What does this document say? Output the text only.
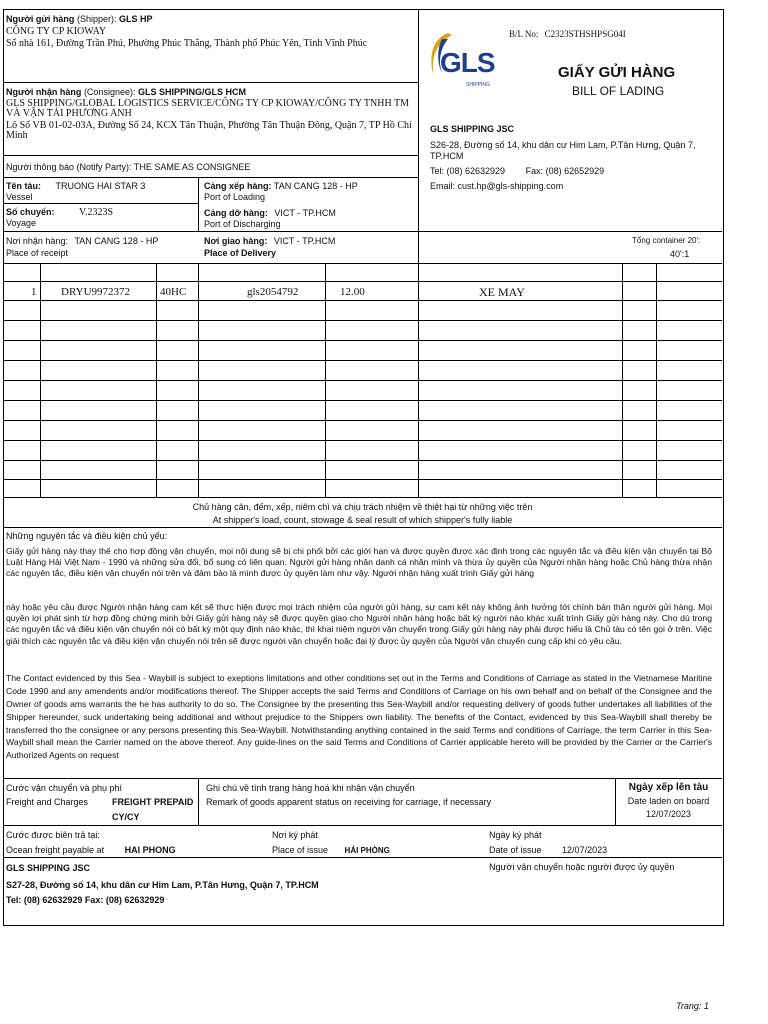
Người gửi hàng (Shipper): GLS HP
CÔNG TY CP KIOWAY
Số nhà 161, Đường Trần Phú, Phường Phúc Thắng, Thành phố Phúc Yên, Tỉnh Vĩnh Phúc
Người nhận hàng (Consignee): GLS SHIPPING/GLS HCM
GLS SHIPPING/GLOBAL LOGISTICS SERVICE/CÔNG TY CP KIOWAY/CÔNG TY TNHH TM VÀ VẬN TẢI PHƯƠNG ANH
Lô Số VB 01-02-03A, Đường Số 24, KCX Tân Thuận, Phường Tân Thuận Đông, Quận 7, TP Hồ Chí Minh
Người thông báo (Notify Party): THE SAME AS CONSIGNEE
Tên tàu: TRUONG HAI STAR 3
Vessel
Số chuyến: V.2323S
Voyage
Cảng xếp hàng: TAN CANG 128 - HP
Port of Loading
Cảng dỡ hàng: VICT - TP.HCM
Port of Discharging
Nơi nhận hàng: TAN CANG 128 - HP
Place of receipt
Nơi giao hàng: VICT - TP.HCM
Place of Delivery
Tổng container 20':
40':1
B/L No: C2323STHSHPSG04I
GLS
SHIPPING
GIẤY GỬI HÀNG
BILL OF LADING
GLS SHIPPING JSC
S26-28, Đường số 14, khu dân cư Him Lam, P.Tân Hưng, Quận 7, TP.HCM
Tel: (08) 62632929 Fax: (08) 62652929
Email: cust.hp@gls-shipping.com
1 DRYU9972372	40HC	gls2054792	12.00	XE MAY
Chủ hàng cân, đếm, xếp, niêm chì và chịu trách nhiệm về thiệt hại từ những việc trên
At shipper's load, count, stowage & seal result of which shipper's fully liable
Những nguyên tắc và điều kiện chủ yếu:
Giấy gửi hàng này thay thế cho hợp đồng vận chuyển, mọi nội dung sẽ bị chi phối bởi các giới hạn và được quyền được xác định trong các nguyên tắc và điều kiện vận chuyển tại Bộ Luật Hàng Hải Việt Nam - 1990 và những sửa đổi, bổ sung có liên quan. Người gửi hàng nhân danh cá nhân mình và thừa ủy quyền của Người nhận hàng hoặc Chủ hàng thừa nhận các nguyên tắc, điều kiện vận chuyển nói trên và đảm bảo là mình được ủy quyền làm như vậy. Người nhận hàng xuất trình Giấy gửi hàng
này hoặc yêu cầu được Người nhận hàng cam kết sẽ thực hiện được mọi trách nhiệm của người gửi hàng, sự cam kết này không ảnh hưởng tới chính bản thân người gửi hàng. Mọi quyền lợi phát sinh từ hợp đồng chứng minh bởi Giấy gửi hàng này sẽ được quyền giao cho Người nhận hàng hoặc bất kỳ người nào khác xuất trình Giấy gửi hàng này. Cho dù trong các nguyên tắc và điều kiện vận chuyển nói có bất kỳ một quy định nào khác, thì khai niệm người vận chuyển trong Giấy gửi hàng này phải được hiểu là Chủ tàu có tên gọi ở trên. Việc giải thích các nguyên tắc và điều kiện vận chuyển nói trên sẽ được người vận chuyển hoặc đại lý được ủy quyền của Người vận chuyển cung cấp khi có yêu cầu.
The Contact evidenced by this Sea - Waybill is subject to exeptions limitations and other conditions set out in the Terms and Conditions of Carriage as stated in the Vietnamese Maritine Code 1990 and any amendents and/or modifications thereof. The Shipper accepts the said Terms and Conditions of Carriage on his own behalf and on behalf of the Consignee and the Owner of goods ams warrants the he has authority to do so. The Consignee by the presenting this Sea-Waybill and/or requesting delivery of goods futher undertakes all liabilities of the Shipper hereunder, suck undertaking being additional and without prejudice to the Shippers own liability. The benefits of the Contact, evidenced by this Sea-Waybill shall thereby be transferred tho the consignee or any persons presenting this Sea-Waybill. Notwithstanding anything contained in the said Terms and conditions of Carriage, the term Carrier in this Sea-Waybill shall mean the Carrier named on the above thereof. Any guide-lines on the said Terms and Conditions of Carrier applicable hereto will be provided by the Carrier or the Carrier's Authorized Agents on request
Cước vận chuyển và phụ phí
Freight and Charges	FREIGHT PREPAID
CY/CY
Ghi chú về tình trạng hàng hoá khi nhận vận chuyển
Remark of goods apparent status on receiving for carriage, if necessary
Ngày xếp lên tàu
Date laden on board
12/07/2023
Cước được biên trả tại:
Ocean freight payable at HAI PHONG
Nơi ký phát
Place of issue HẢI PHÒNG
Ngày ký phát
Date of issue 12/07/2023
GLS SHIPPING JSC
S27-28, Đường số 14, khu dân cư Him Lam, P.Tân Hưng, Quận 7, TP.HCM
Tel: (08) 62632929 Fax: (08) 62632929
Người vận chuyển hoặc người được ủy quyền
Trang: 1
